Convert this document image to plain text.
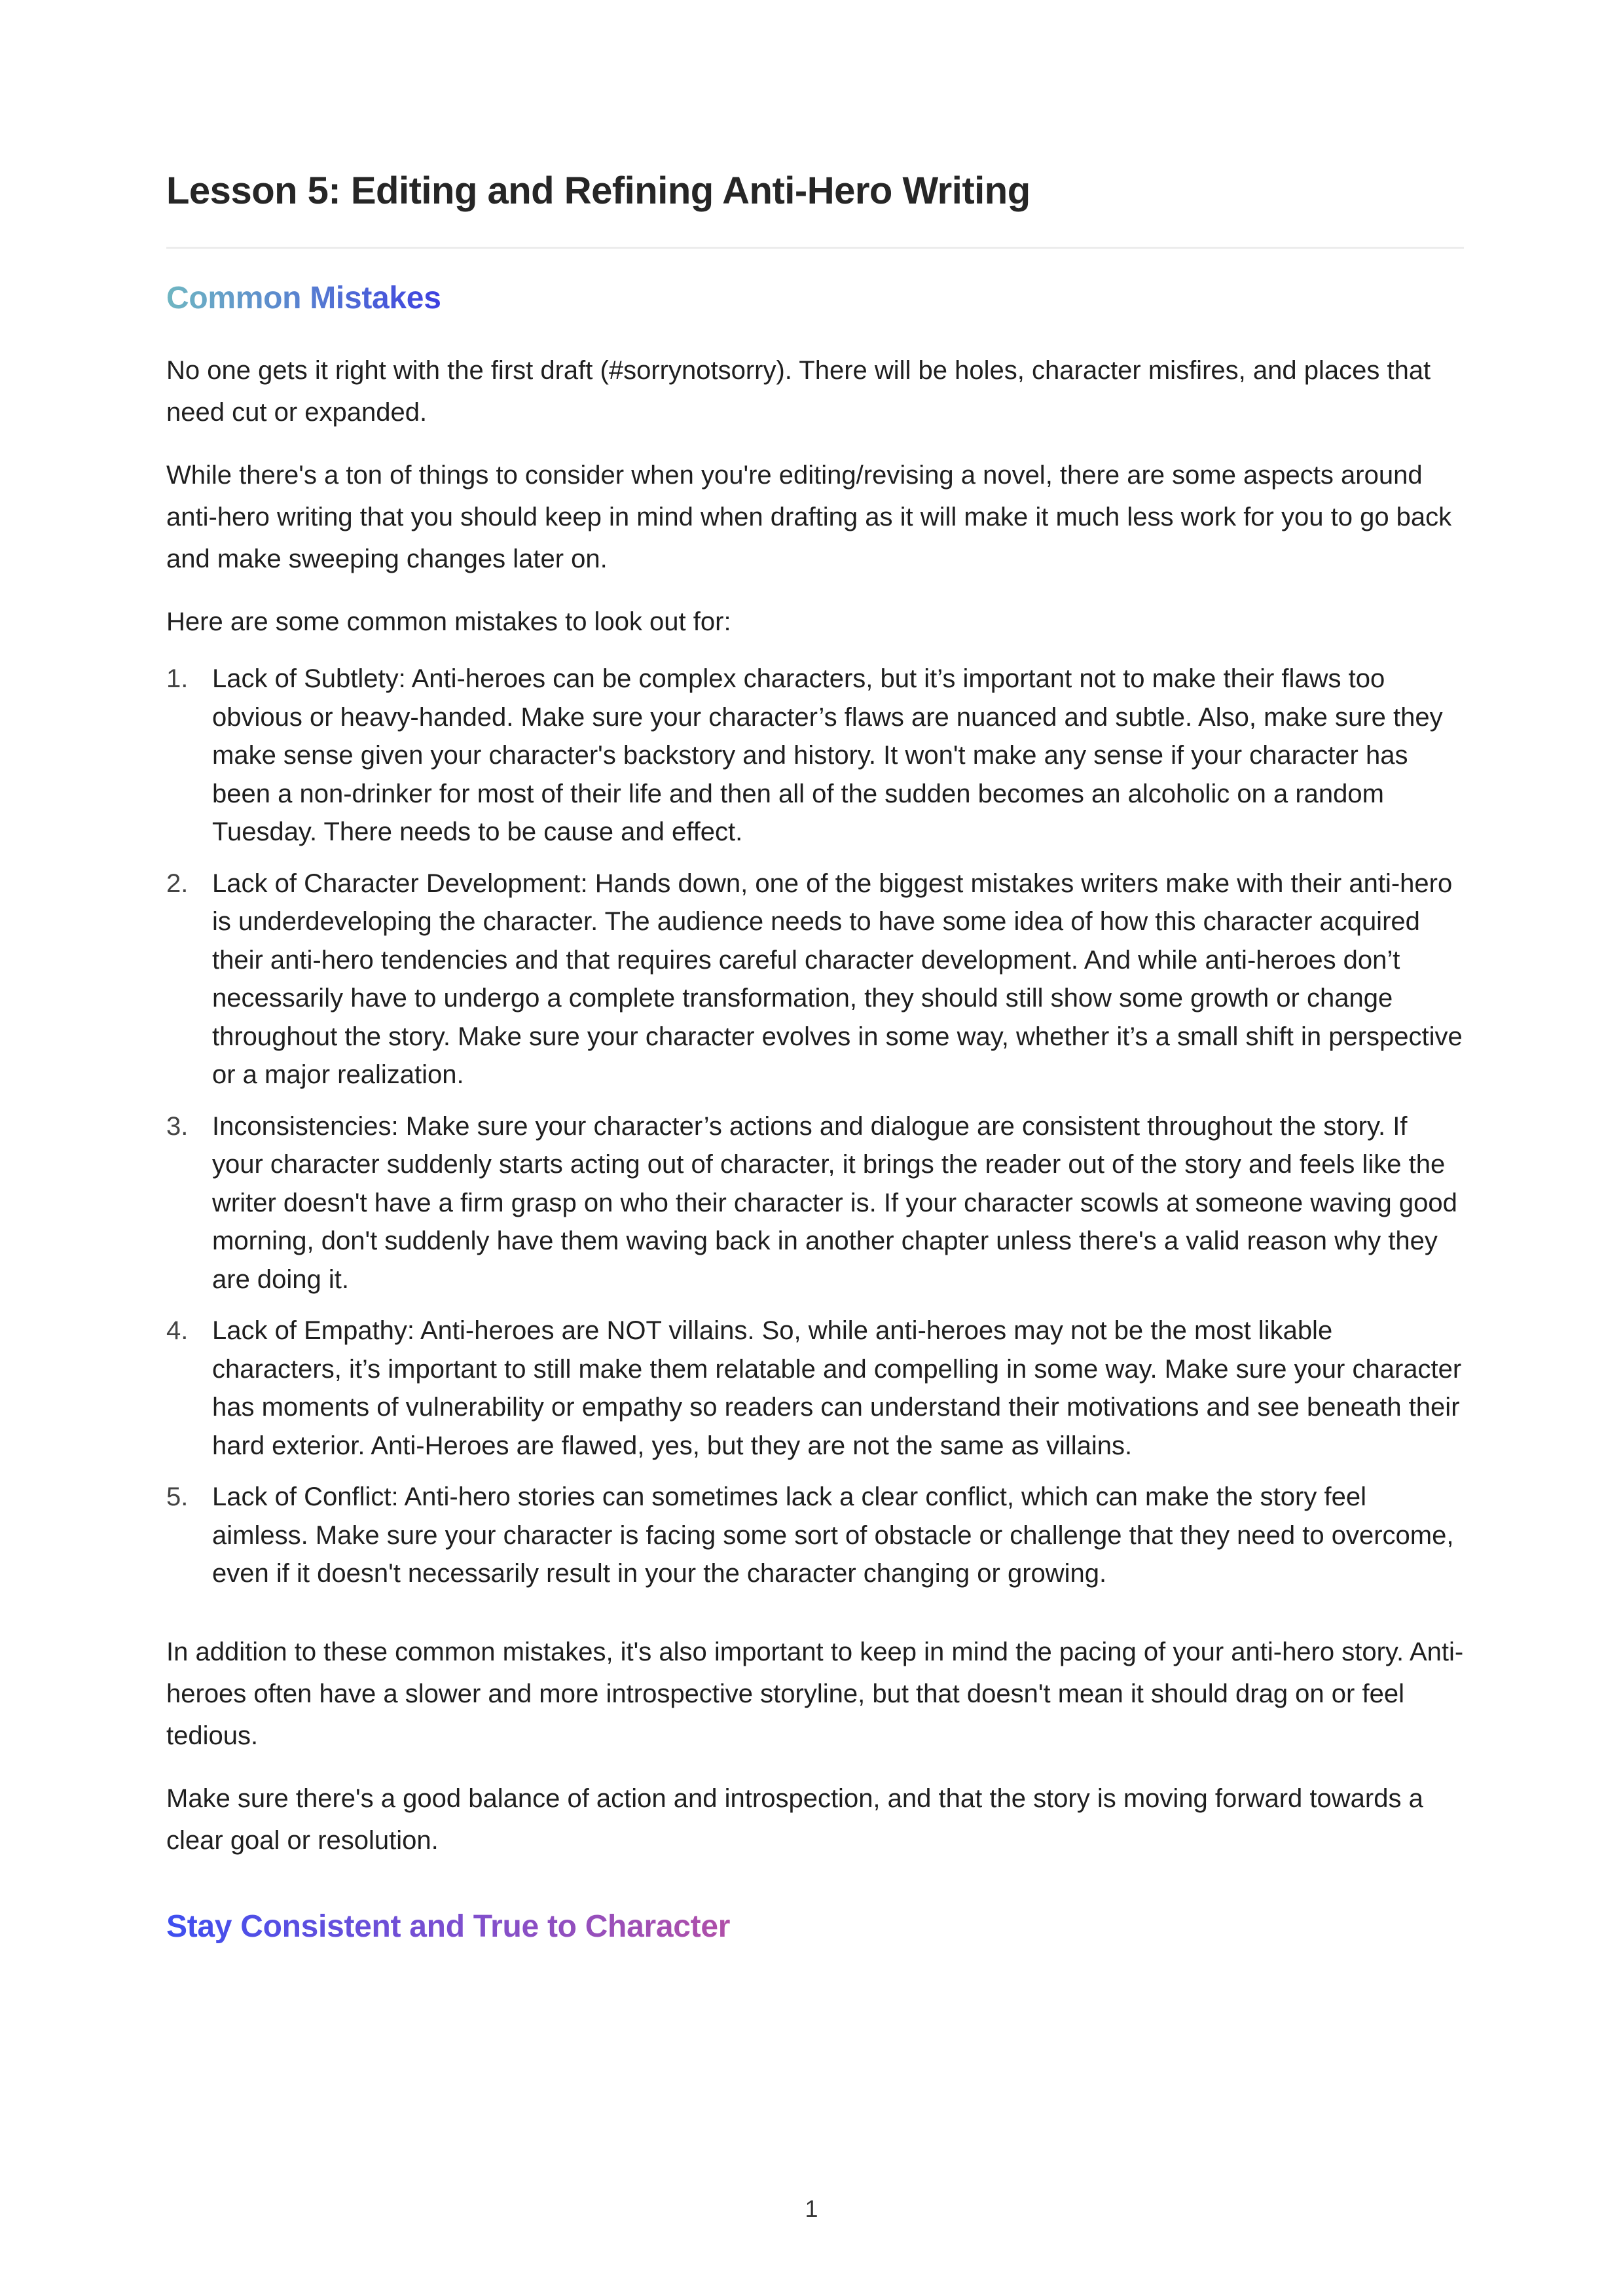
Lesson 5: Editing and Refining Anti-Hero Writing
Common Mistakes

No one gets it right with the first draft (#sorrynotsorry). There will be holes, character misfires, and places that need cut or expanded.

While there's a ton of things to consider when you're editing/revising a novel, there are some aspects around anti-hero writing that you should keep in mind when drafting as it will make it much less work for you to go back and make sweeping changes later on.

Here are some common mistakes to look out for:

1. Lack of Subtlety: Anti-heroes can be complex characters, but it’s important not to make their flaws too obvious or heavy-handed. Make sure your character’s flaws are nuanced and subtle. Also, make sure they make sense given your character's backstory and history. It won't make any sense if your character has been a non-drinker for most of their life and then all of the sudden becomes an alcoholic on a random Tuesday. There needs to be cause and effect.
2. Lack of Character Development: Hands down, one of the biggest mistakes writers make with their anti-hero is underdeveloping the character. The audience needs to have some idea of how this character acquired their anti-hero tendencies and that requires careful character development. And while anti-heroes don’t necessarily have to undergo a complete transformation, they should still show some growth or change throughout the story. Make sure your character evolves in some way, whether it’s a small shift in perspective or a major realization.
3. Inconsistencies: Make sure your character’s actions and dialogue are consistent throughout the story. If your character suddenly starts acting out of character, it brings the reader out of the story and feels like the writer doesn't have a firm grasp on who their character is. If your character scowls at someone waving good morning, don't suddenly have them waving back in another chapter unless there's a valid reason why they are doing it.
4. Lack of Empathy: Anti-heroes are NOT villains. So, while anti-heroes may not be the most likable characters, it’s important to still make them relatable and compelling in some way. Make sure your character has moments of vulnerability or empathy so readers can understand their motivations and see beneath their hard exterior. Anti-Heroes are flawed, yes, but they are not the same as villains.
5. Lack of Conflict: Anti-hero stories can sometimes lack a clear conflict, which can make the story feel aimless. Make sure your character is facing some sort of obstacle or challenge that they need to overcome, even if it doesn't necessarily result in your the character changing or growing.

In addition to these common mistakes, it's also important to keep in mind the pacing of your anti-hero story. Anti-heroes often have a slower and more introspective storyline, but that doesn't mean it should drag on or feel tedious.

Make sure there's a good balance of action and introspection, and that the story is moving forward towards a clear goal or resolution.

Stay Consistent and True to Character
1
